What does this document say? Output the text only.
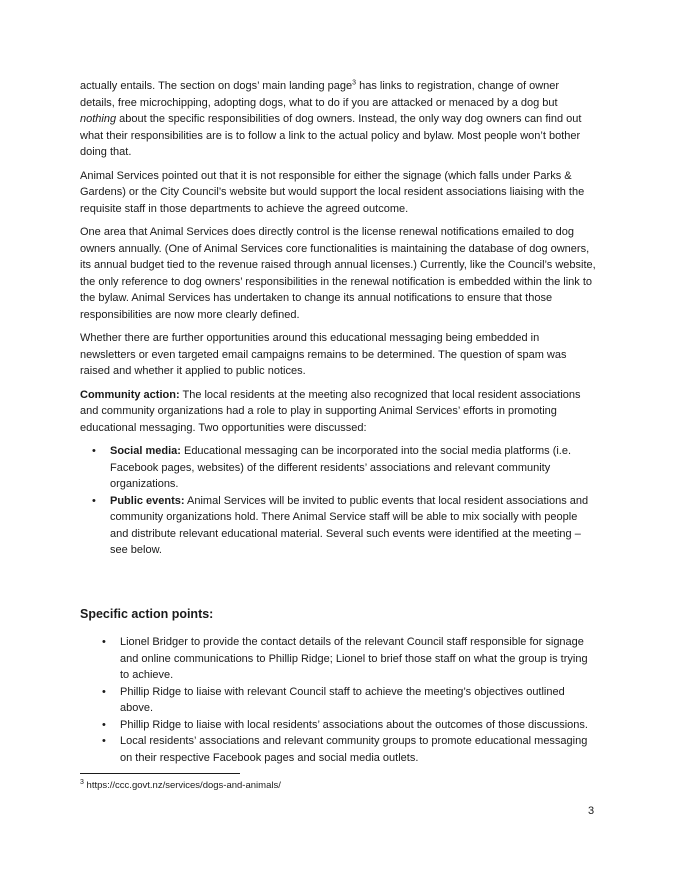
actually entails. The section on dogs’ main landing page$^3$ has links to registration, change of owner details, free microchipping, adopting dogs, what to do if you are attacked or menaced by a dog but nothing about the specific responsibilities of dog owners. Instead, the only way dog owners can find out what their responsibilities are is to follow a link to the actual policy and bylaw. Most people won’t bother doing that.

Animal Services pointed out that it is not responsible for either the signage (which falls under Parks & Gardens) or the City Council’s website but would support the local resident associations liaising with the requisite staff in those departments to achieve the agreed outcome.

One area that Animal Services does directly control is the license renewal notifications emailed to dog owners annually. (One of Animal Services core functionalities is maintaining the database of dog owners, its annual budget tied to the revenue raised through annual licenses.) Currently, like the Council’s website, the only reference to dog owners’ responsibilities in the renewal notification is embedded within the link to the bylaw. Animal Services has undertaken to change its annual notifications to ensure that those responsibilities are now more clearly defined.

Whether there are further opportunities around this educational messaging being embedded in newsletters or even targeted email campaigns remains to be determined. The question of spam was raised and whether it applied to public notices.

Community action: The local residents at the meeting also recognized that local resident associations and community organizations had a role to play in supporting Animal Services’ efforts in promoting educational messaging. Two opportunities were discussed:

• Social media: Educational messaging can be incorporated into the social media platforms (i.e. Facebook pages, websites) of the different residents’ associations and relevant community organizations.
• Public events: Animal Services will be invited to public events that local resident associations and community organizations hold. There Animal Service staff will be able to mix socially with people and distribute relevant educational material. Several such events were identified at the meeting – see below.
Specific action points:
• Lionel Bridger to provide the contact details of the relevant Council staff responsible for signage and online communications to Phillip Ridge; Lionel to brief those staff on what the group is trying to achieve.
• Phillip Ridge to liaise with relevant Council staff to achieve the meeting’s objectives outlined above.
• Phillip Ridge to liaise with local residents’ associations about the outcomes of those discussions.
• Local residents’ associations and relevant community groups to promote educational messaging on their respective Facebook pages and social media outlets.
$^3$ https://ccc.govt.nz/services/dogs-and-animals/
3
